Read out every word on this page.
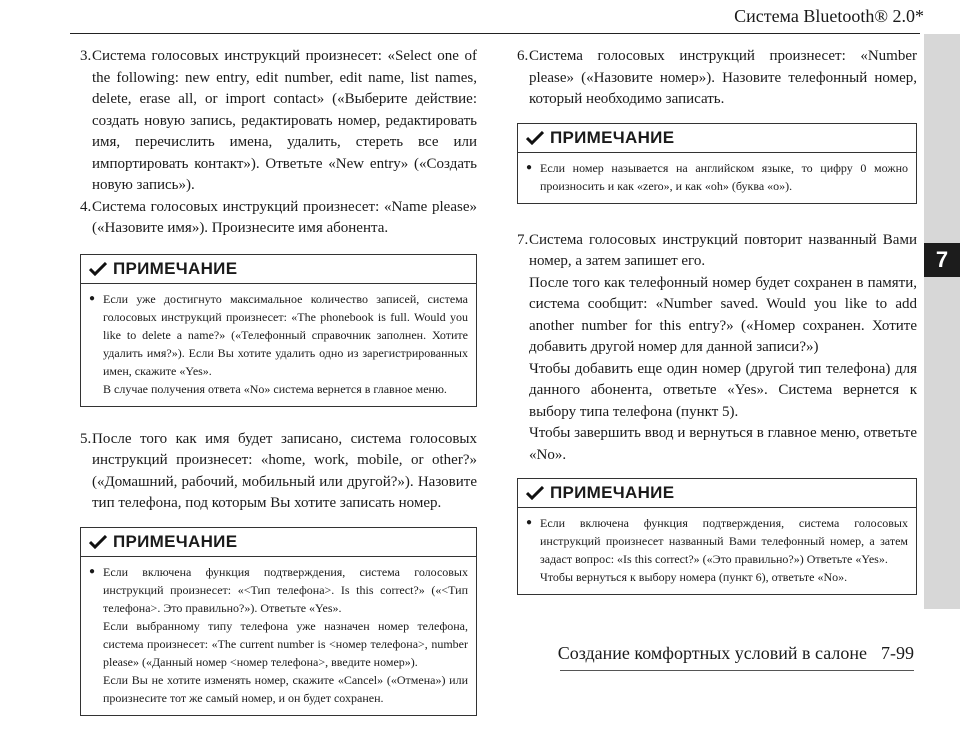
Система Bluetooth® 2.0*
7
3. Система голосовых инструкций произнесет: «Select one of the following: new entry, edit number, edit name, list names, delete, erase all, or import contact» («Выберите действие: создать новую запись, редактировать номер, редактировать имя, перечислить имена, удалить, стереть все или импортировать контакт»). Ответьте «New entry» («Создать новую запись»).

4. Система голосовых инструкций произнесет: «Name please» («Назовите имя»). Произнесите имя абонента.

ПРИМЕЧАНИЕ
● Если уже достигнуто максимальное количество записей, система голосовых инструкций произнесет: «The phonebook is full. Would you like to delete a name?» («Телефонный справочник заполнен. Хотите удалить имя?»). Если Вы хотите удалить одно из зарегистрированных имен, скажите «Yes».

В случае получения ответа «No» система вернется в главное меню.

5. После того как имя будет записано, система голосовых инструкций произнесет: «home, work, mobile, or other?» («Домашний, рабочий, мобильный или другой?»). Назовите тип телефона, под которым Вы хотите записать номер.

ПРИМЕЧАНИЕ
● Если включена функция подтверждения, система голосовых инструкций произнесет: «<Тип телефона>. Is this correct?» («<Тип телефона>. Это правильно?»). Ответьте «Yes».

Если выбранному типу телефона уже назначен номер телефона, система произнесет: «The current number is <номер телефона>, number please» («Данный номер <номер телефона>, введите номер»).

Если Вы не хотите изменять номер, скажите «Cancel» («Отмена») или произнесите тот же самый номер, и он будет сохранен.

6. Система голосовых инструкций произнесет: «Number please» («Назовите номер»). Назовите телефонный номер, который необходимо записать.

ПРИМЕЧАНИЕ
● Если номер называется на английском языке, то цифру 0 можно произносить и как «zero», и как «oh» (буква «o»).

7. Система голосовых инструкций повторит названный Вами номер, а затем запишет его.

После того как телефонный номер будет сохранен в памяти, система сообщит: «Number saved. Would you like to add another number for this entry?» («Номер сохранен. Хотите добавить другой номер для данной записи?»)

Чтобы добавить еще один номер (другой тип телефона) для данного абонента, ответьте «Yes». Система вернется к выбору типа телефона (пункт 5).

Чтобы завершить ввод и вернуться в главное меню, ответьте «No».

ПРИМЕЧАНИЕ
● Если включена функция подтверждения, система голосовых инструкций произнесет названный Вами телефонный номер, а затем задаст вопрос: «Is this correct?» («Это правильно?») Ответьте «Yes».

Чтобы вернуться к выбору номера (пункт 6), ответьте «No».

Создание комфортных условий в салоне 7-99
